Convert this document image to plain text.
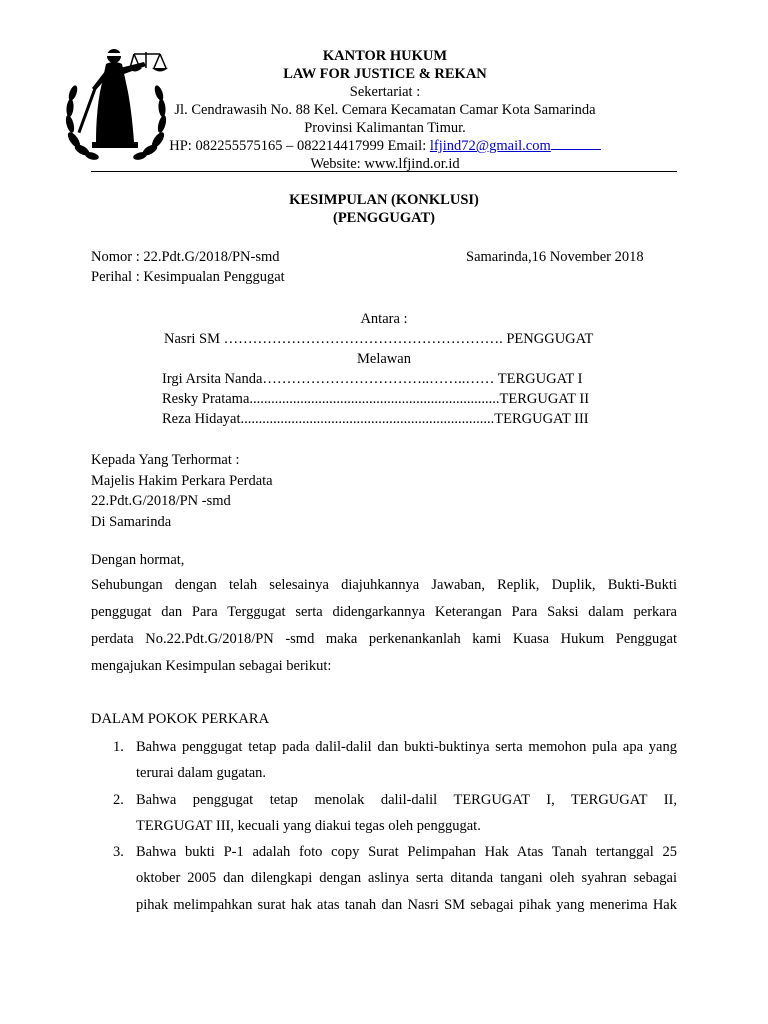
KANTOR HUKUM
LAW FOR JUSTICE & REKAN
Sekertariat :
Jl. Cendrawasih No. 88 Kel. Cemara Kecamatan Camar Kota Samarinda
Provinsi Kalimantan Timur.
HP: 082255575165 – 082214417999 Email: lfjind72@gmail.com
Website: www.lfjind.or.id
KESIMPULAN (KONKLUSI)
(PENGGUGAT)
Nomor : 22.Pdt.G/2018/PN-smd
Perihal : Kesimpualan Penggugat
Samarinda,16 November 2018
Antara :
Nasri SM …………………………………………………. PENGGUGAT
Melawan
Irgi Arsita Nanda……………………………..……..…… TERGUGAT I
Resky Pratama.....................................................................TERGUGAT II
Reza Hidayat......................................................................TERGUGAT III
Kepada Yang Terhormat :
Majelis Hakim Perkara Perdata
22.Pdt.G/2018/PN -smd
Di Samarinda
Dengan hormat,
Sehubungan dengan telah selesainya diajuhkannya Jawaban, Replik, Duplik, Bukti-Bukti
penggugat dan Para Terggugat serta didengarkannya Keterangan Para Saksi dalam perkara
perdata No.22.Pdt.G/2018/PN -smd maka perkenankanlah kami Kuasa Hukum Penggugat
mengajukan Kesimpulan sebagai berikut:
DALAM POKOK PERKARA
1. Bahwa penggugat tetap pada dalil-dalil dan bukti-buktinya serta memohon pula apa yang
terurai dalam gugatan.
2. Bahwa penggugat tetap menolak dalil-dalil TERGUGAT I, TERGUGAT II,
TERGUGAT III, kecuali yang diakui tegas oleh penggugat.
3. Bahwa bukti P-1 adalah foto copy Surat Pelimpahan Hak Atas Tanah tertanggal 25
oktober 2005 dan dilengkapi dengan aslinya serta ditanda tangani oleh syahran sebagai
pihak melimpahkan surat hak atas tanah dan Nasri SM sebagai pihak yang menerima Hak
